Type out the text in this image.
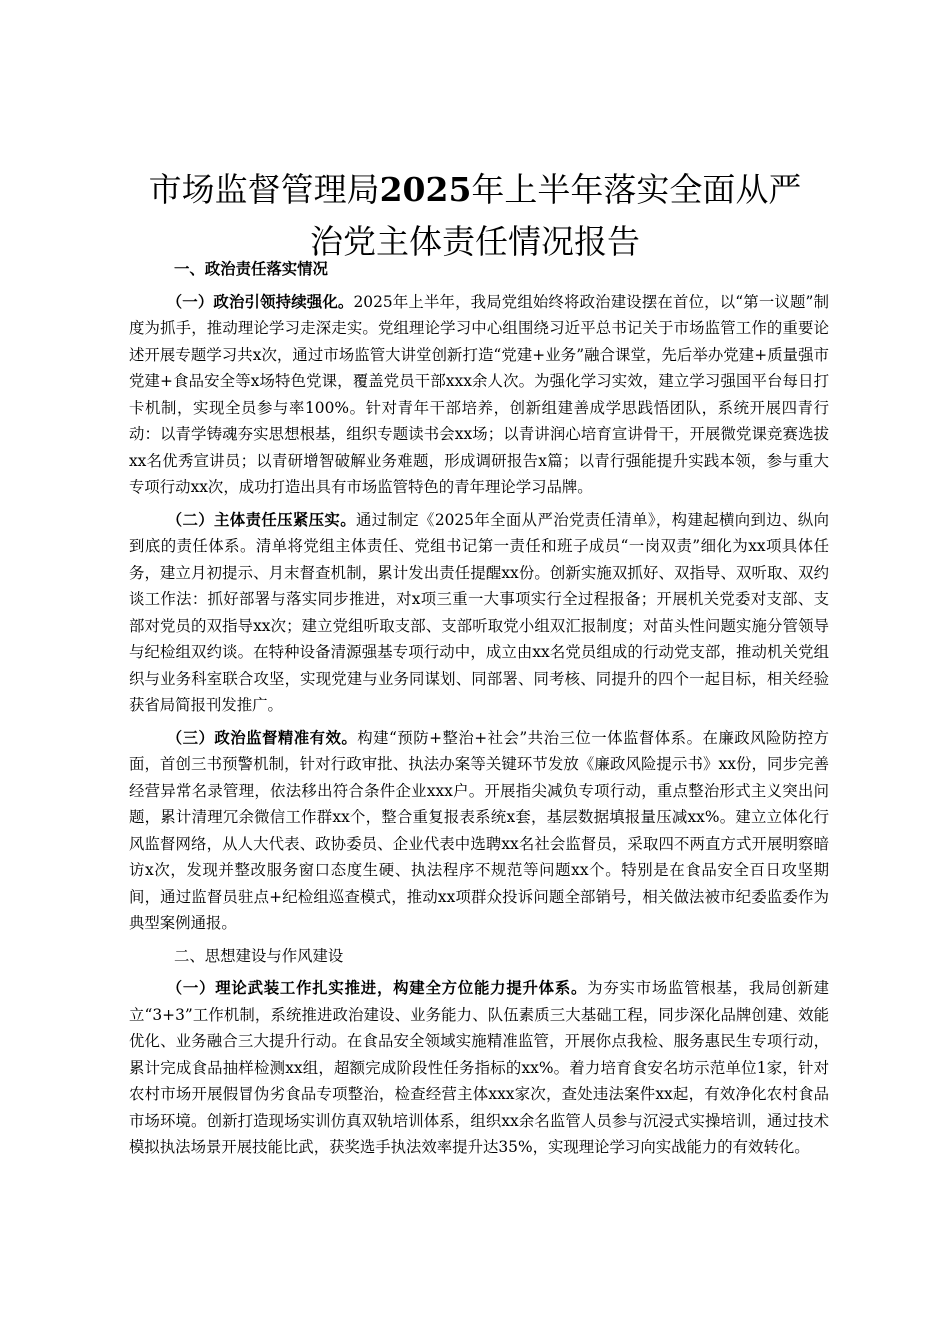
市场监督管理局2025年上半年落实全面从严
治党主体责任情况报告
一、政治责任落实情况

（一）政治引领持续强化。2025年上半年，我局党组始终将政治建设摆在首位，以“第一议题”制度为抓手，推动理论学习走深走实。党组理论学习中心组围绕习近平总书记关于市场监管工作的重要论述开展专题学习共x次，通过市场监管大讲堂创新打造“党建+业务”融合课堂，先后举办党建+质量强市党建+食品安全等x场特色党课，覆盖党员干部xxx余人次。为强化学习实效，建立学习强国平台每日打卡机制，实现全员参与率100%。针对青年干部培养，创新组建善成学思践悟团队，系统开展四青行动：以青学铸魂夯实思想根基，组织专题读书会xx场；以青讲润心培育宣讲骨干，开展微党课竞赛选拔xx名优秀宣讲员；以青研增智破解业务难题，形成调研报告x篇；以青行强能提升实践本领，参与重大专项行动xx次，成功打造出具有市场监管特色的青年理论学习品牌。

（二）主体责任压紧压实。通过制定《2025年全面从严治党责任清单》，构建起横向到边、纵向到底的责任体系。清单将党组主体责任、党组书记第一责任和班子成员“一岗双责”细化为xx项具体任务，建立月初提示、月末督查机制，累计发出责任提醒xx份。创新实施双抓好、双指导、双听取、双约谈工作法：抓好部署与落实同步推进，对x项三重一大事项实行全过程报备；开展机关党委对支部、支部对党员的双指导xx次；建立党组听取支部、支部听取党小组双汇报制度；对苗头性问题实施分管领导与纪检组双约谈。在特种设备清源强基专项行动中，成立由xx名党员组成的行动党支部，推动机关党组织与业务科室联合攻坚，实现党建与业务同谋划、同部署、同考核、同提升的四个一起目标，相关经验获省局简报刊发推广。

（三）政治监督精准有效。构建“预防+整治+社会”共治三位一体监督体系。在廉政风险防控方面，首创三书预警机制，针对行政审批、执法办案等关键环节发放《廉政风险提示书》xx份，同步完善经营异常名录管理，依法移出符合条件企业xxx户。开展指尖减负专项行动，重点整治形式主义突出问题，累计清理冗余微信工作群xx个，整合重复报表系统x套，基层数据填报量压减xx%。建立立体化行风监督网络，从人大代表、政协委员、企业代表中选聘xx名社会监督员，采取四不两直方式开展明察暗访x次，发现并整改服务窗口态度生硬、执法程序不规范等问题xx个。特别是在食品安全百日攻坚期间，通过监督员驻点+纪检组巡查模式，推动xx项群众投诉问题全部销号，相关做法被市纪委监委作为典型案例通报。

二、思想建设与作风建设

（一）理论武装工作扎实推进，构建全方位能力提升体系。为夯实市场监管根基，我局创新建立“3+3”工作机制，系统推进政治建设、业务能力、队伍素质三大基础工程，同步深化品牌创建、效能优化、业务融合三大提升行动。在食品安全领域实施精准监管，开展你点我检、服务惠民生专项行动，累计完成食品抽样检测xx组，超额完成阶段性任务指标的xx%。着力培育食安名坊示范单位1家，针对农村市场开展假冒伪劣食品专项整治，检查经营主体xxx家次，查处违法案件xx起，有效净化农村食品市场环境。创新打造现场实训仿真双轨培训体系，组织xx余名监管人员参与沉浸式实操培训，通过技术模拟执法场景开展技能比武，获奖选手执法效率提升达35%，实现理论学习向实战能力的有效转化。
